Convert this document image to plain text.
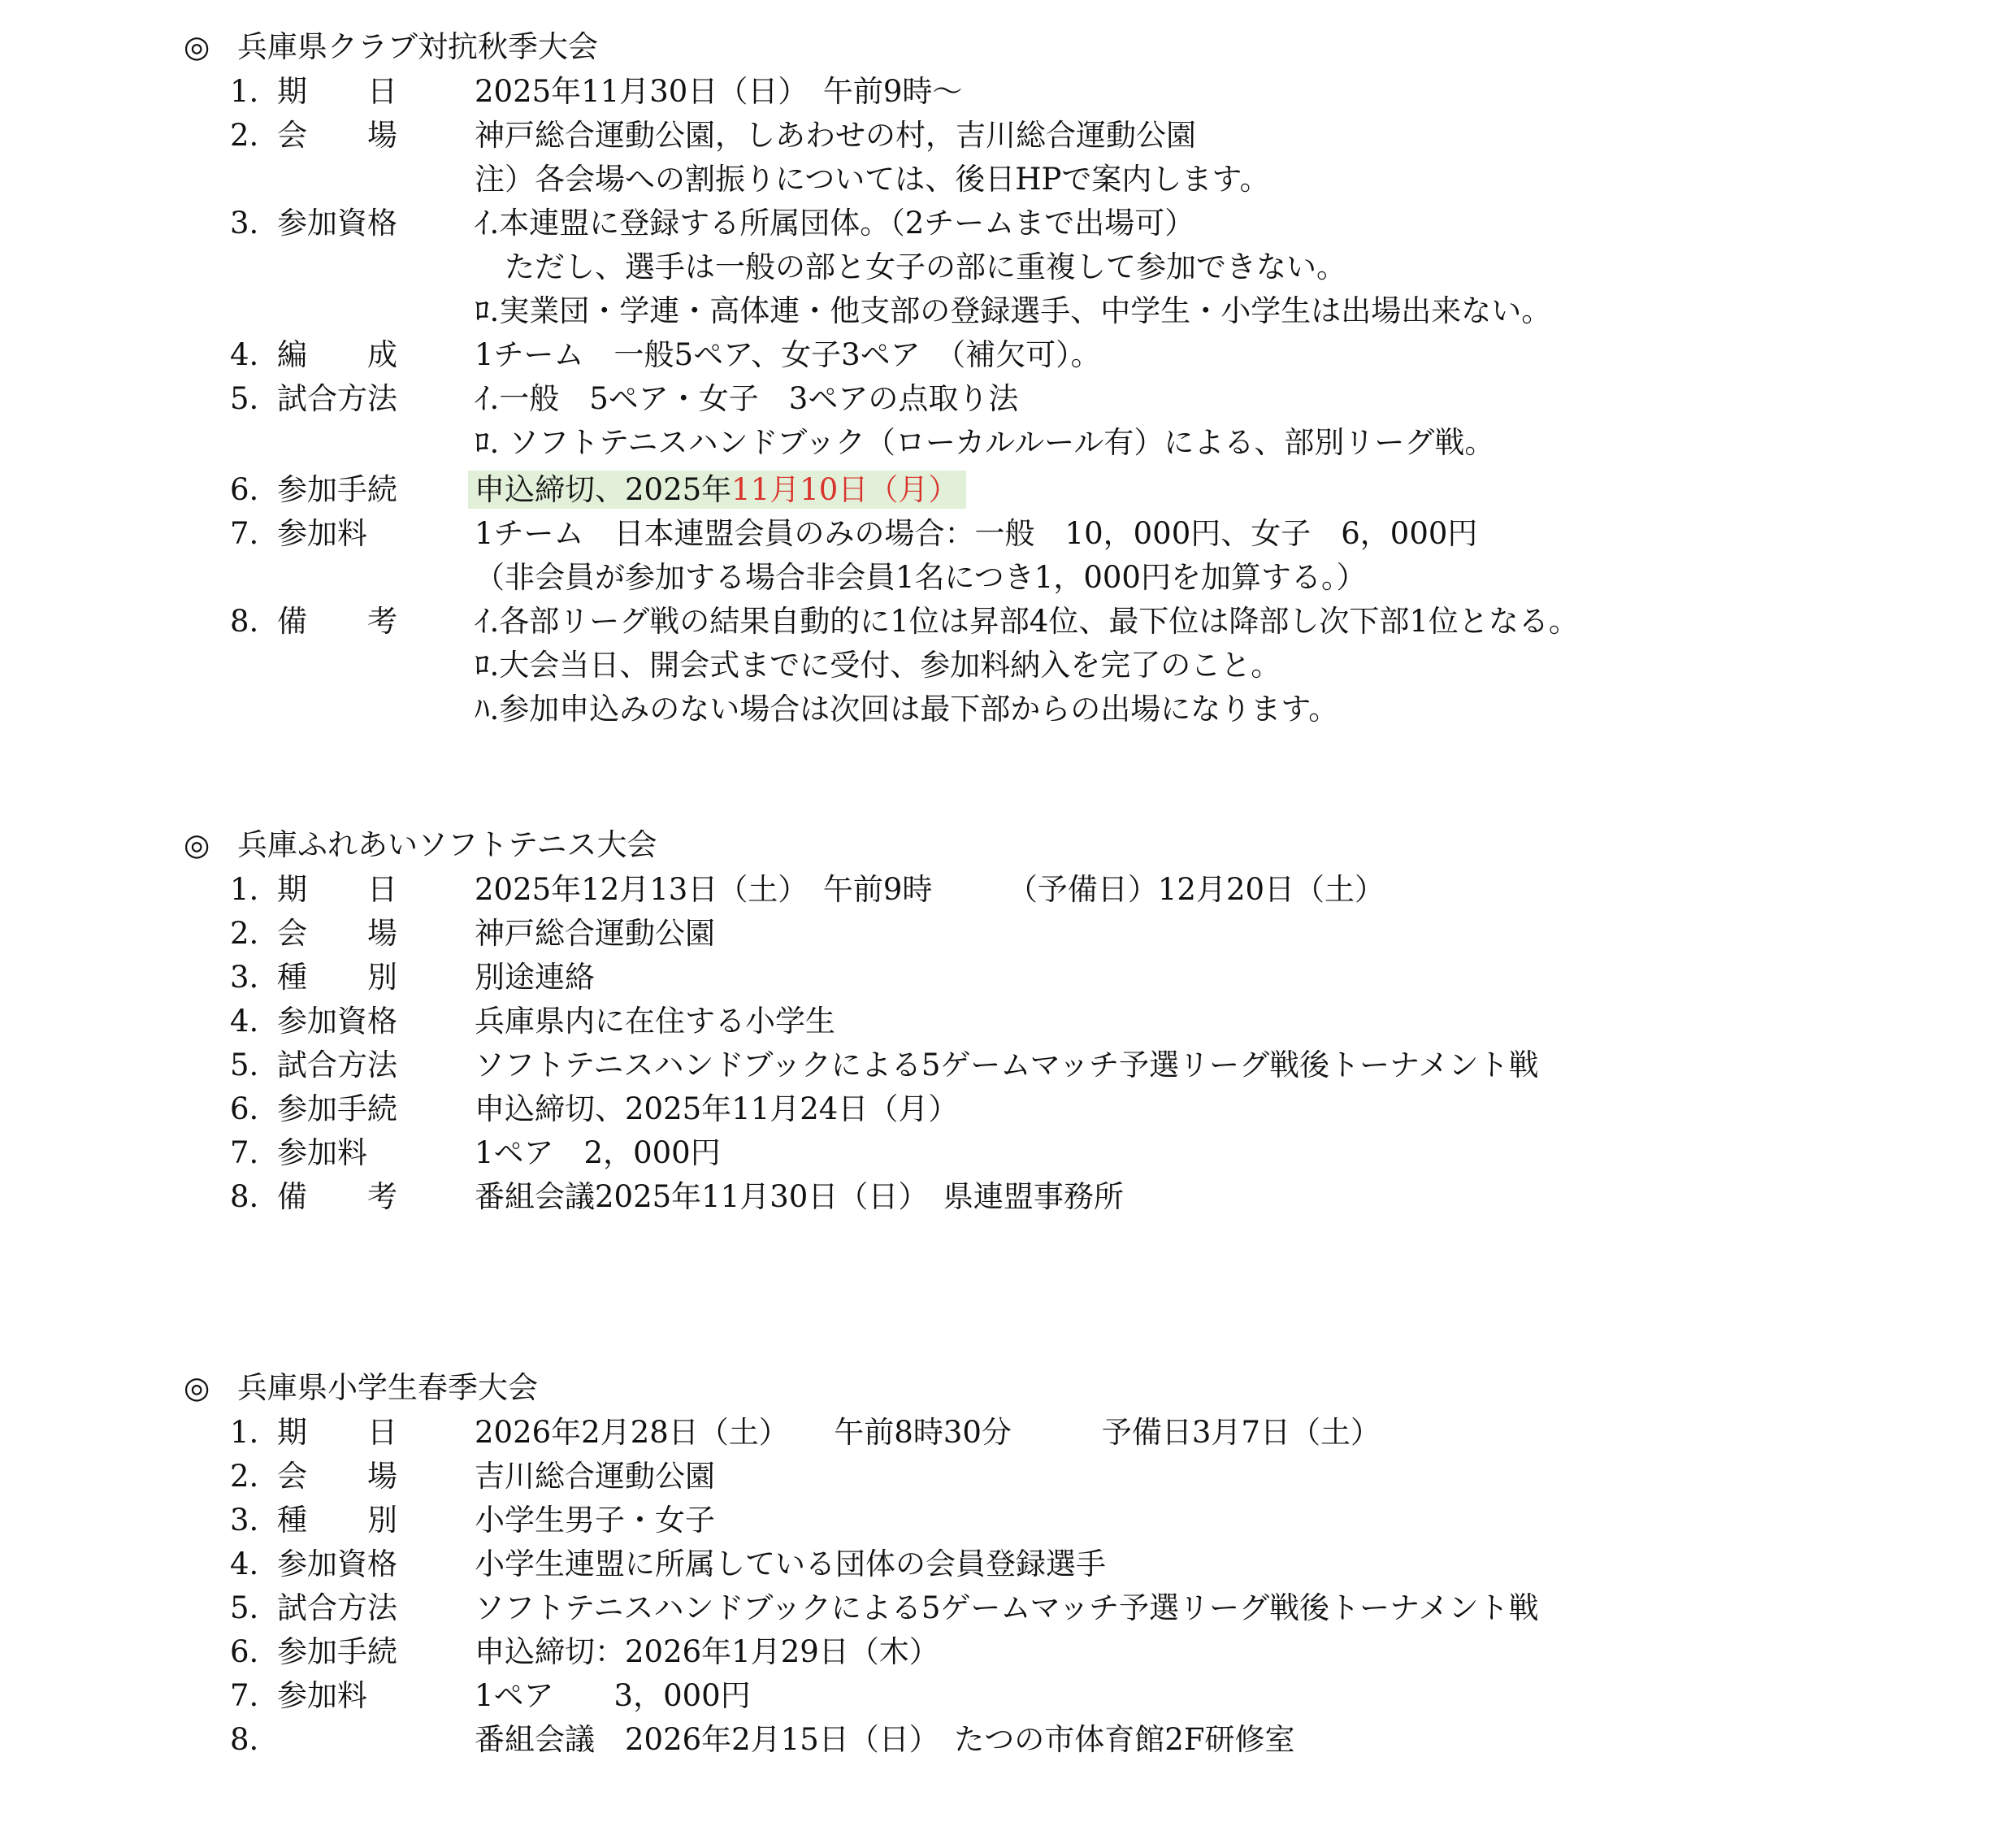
◎ 兵庫県クラブ対抗秋季大会
1. 期　　日	2025年11月30日（日）　午前9時～
2. 会　　場	神戸総合運動公園，しあわせの村，吉川総合運動公園
注）各会場への割振りについては、後日HPで案内します。
3. 参加資格	ｲ.本連盟に登録する所属団体。（2チームまで出場可）
　ただし、選手は一般の部と女子の部に重複して参加できない。
ﾛ.実業団・学連・高体連・他支部の登録選手、中学生・小学生は出場出来ない。
4. 編　　成	1チーム　一般5ペア、女子3ペア　（補欠可）。
5. 試合方法	ｲ.一般　5ペア・女子　3ペアの点取り法
ﾛ. ソフトテニスハンドブック（ローカルルール有）による、部別リーグ戦。
6. 参加手続	申込締切、2025年11月10日（月）
7. 参加料	1チーム　日本連盟会員のみの場合：一般　10，000円、女子　6，000円
（非会員が参加する場合非会員1名につき1，000円を加算する。）
8. 備　　考	ｲ.各部リーグ戦の結果自動的に1位は昇部4位、最下位は降部し次下部1位となる。
ﾛ.大会当日、開会式までに受付、参加料納入を完了のこと。
ﾊ.参加申込みのない場合は次回は最下部からの出場になります。
◎ 兵庫ふれあいソフトテニス大会
1. 期　　日	2025年12月13日（土）　午前9時　　　（予備日）12月20日（土）
2. 会　　場	神戸総合運動公園
3. 種　　別	別途連絡
4. 参加資格	兵庫県内に在住する小学生
5. 試合方法	ソフトテニスハンドブックによる5ゲームマッチ予選リーグ戦後トーナメント戦
6. 参加手続	申込締切、2025年11月24日（月）
7. 参加料	1ペア　2，000円
8. 備　　考	番組会議2025年11月30日（日）　県連盟事務所
◎ 兵庫県小学生春季大会
1. 期　　日	2026年2月28日（土）　　午前8時30分　　　予備日3月7日（土）
2. 会　　場	吉川総合運動公園
3. 種　　別	小学生男子・女子
4. 参加資格	小学生連盟に所属している団体の会員登録選手
5. 試合方法	ソフトテニスハンドブックによる5ゲームマッチ予選リーグ戦後トーナメント戦
6. 参加手続	申込締切：2026年1月29日（木）
7. 参加料	1ペア　　3，000円
8.	番組会議　2026年2月15日（日）　たつの市体育館2F研修室
